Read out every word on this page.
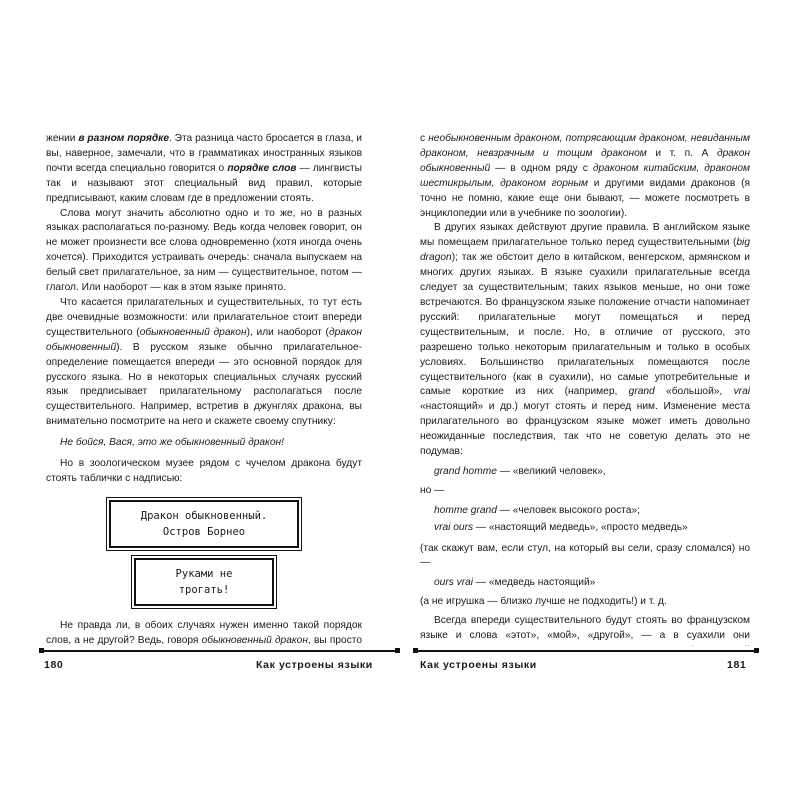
жении в разном порядке. Эта разница часто бросается в глаза, и вы, наверное, замечали, что в грамматиках иностранных языков почти всегда специально говорится о порядке слов — лингвисты так и называют этот специальный вид правил, которые предписывают, каким словам где в предложении стоять.

Слова могут значить абсолютно одно и то же, но в разных языках располагаться по-разному. Ведь когда человек говорит, он не может произнести все слова одновременно (хотя иногда очень хочется). Приходится устраивать очередь: сначала выпускаем на белый свет прилагательное, за ним — существительное, потом — глагол. Или наоборот — как в этом языке принято.

Что касается прилагательных и существительных, то тут есть две очевидные возможности: или прилагательное стоит впереди существительного (обыкновенный дракон), или наоборот (дракон обыкновенный). В русском языке обычно прилагательное-определение помещается впереди — это основной порядок для русского языка. Но в некоторых специальных случаях русский язык предписывает прилагательному располагаться после существительного. Например, встретив в джунглях дракона, вы внимательно посмотрите на него и скажете своему спутнику:

Не бойся, Вася, это же обыкновенный дракон!

Но в зоологическом музее рядом с чучелом дракона будут стоять таблички с надписью:

Дракон обыкновенный.
Остров Борнео
Руками не трогать!

Не правда ли, в обоих случаях нужен именно такой порядок слов, а не другой? Ведь, говоря обыкновенный дракон, вы просто

с необыкновенным драконом, потрясающим драконом, невиданным драконом, невзрачным и тощим драконом и т. п. А дракон обыкновенный — в одном ряду с драконом китайским, драконом шестикрылым, драконом горным и другими видами драконов (я точно не помню, какие еще они бывают, — можете посмотреть в энциклопедии или в учебнике по зоологии).

В других языках действуют другие правила. В английском языке мы помещаем прилагательное только перед существительными (big dragon); так же обстоит дело в китайском, венгерском, армянском и многих других языках. В языке суахили прилагательные всегда следует за существительным; таких языков меньше, но они тоже встречаются. Во французском языке положение отчасти напоминает русский: прилагательные могут помещаться и перед существительным, и после. Но, в отличие от русского, это разрешено только некоторым прилагательным и только в особых условиях. Большинство прилагательных помещаются после существительного (как в суахили), но самые употребительные и самые короткие из них (например, grand «большой», vrai «настоящий» и др.) могут стоять и перед ним. Изменение места прилагательного во французском языке может иметь довольно неожиданные последствия, так что не советую делать это не подумав:

grand homme — «великий человек»,

но —

homme grand — «человек высокого роста»;

vrai ours — «настоящий медведь», «просто медведь»

(так скажут вам, если стул, на который вы сели, сразу сломался) но —

ours vrai — «медведь настоящий»

(а не игрушка — близко лучше не подходить!) и т. д.

Всегда впереди существительного будут стоять во французском языке и слова «этот», «мой», «другой», — а в суахили они

180	Как устроены языки	Как устроены языки	181
